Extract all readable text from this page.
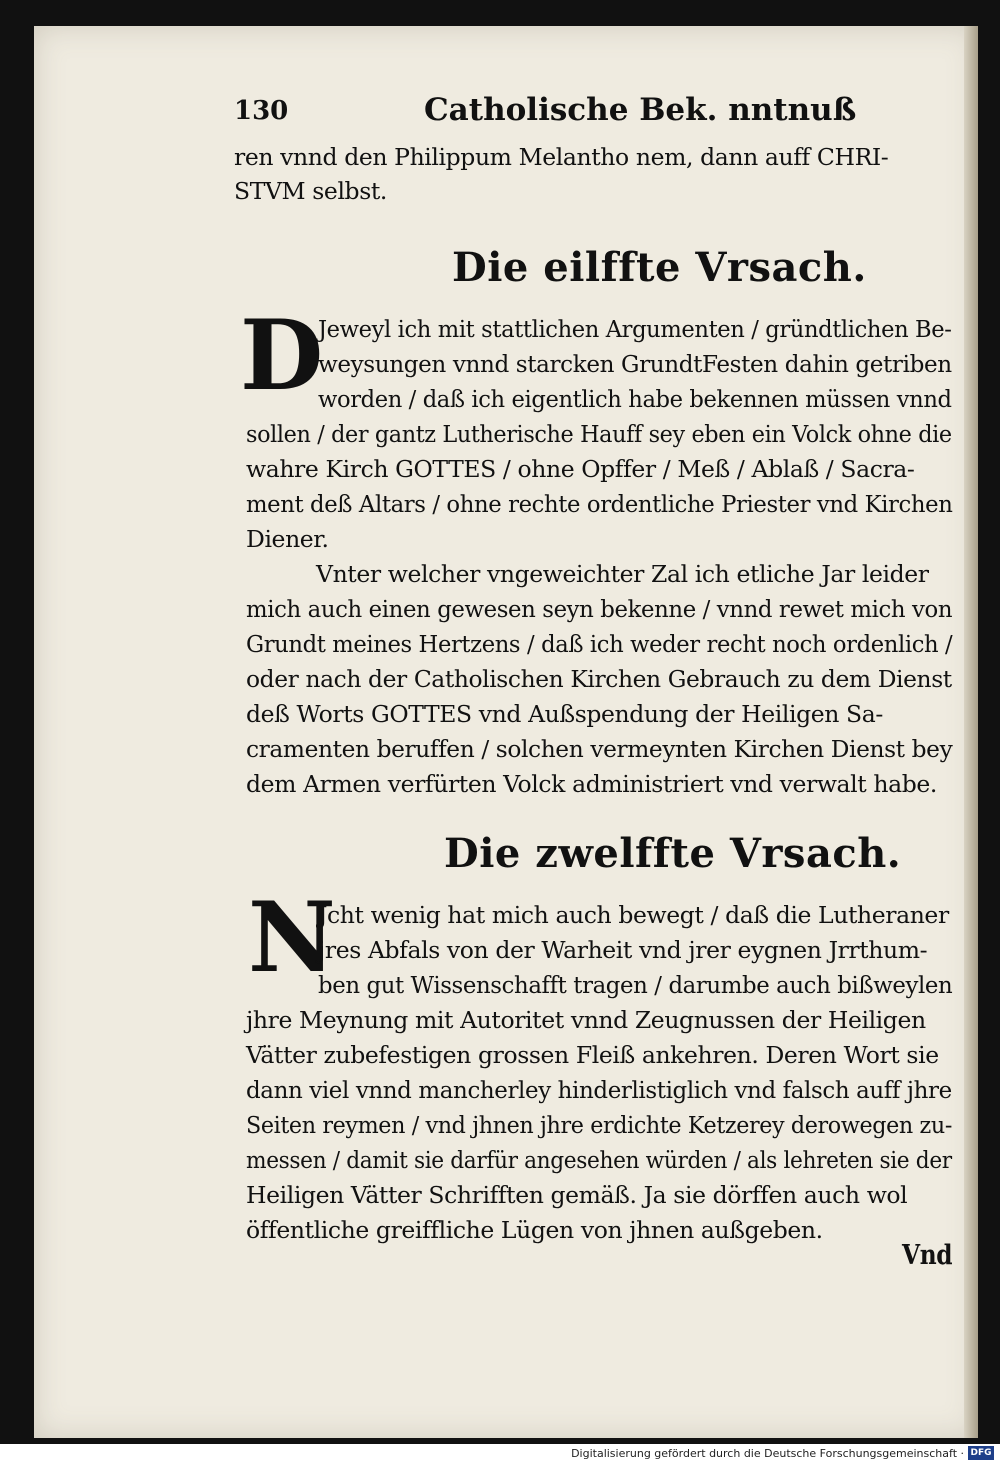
130	Catholische Bek. nntnuß
ren vnnd den Philippum Melantho nem, dann auff CHRI-
STVM selbst.
Die eilffte Vrsach.
D
Jeweyl ich mit stattlichen Argumenten / gründtlichen Be-
weysungen vnnd starcken GrundtFesten dahin getriben
worden / daß ich eigentlich habe bekennen müssen vnnd
sollen / der gantz Lutherische Hauff sey eben ein Volck ohne die
wahre Kirch GOTTES / ohne Opffer / Meß / Ablaß / Sacra-
ment deß Altars / ohne rechte ordentliche Priester vnd Kirchen
Diener.
Vnter welcher vngeweichter Zal ich etliche Jar leider
mich auch einen gewesen seyn bekenne / vnnd rewet mich von
Grundt meines Hertzens / daß ich weder recht noch ordenlich /
oder nach der Catholischen Kirchen Gebrauch zu dem Dienst
deß Worts GOTTES vnd Außspendung der Heiligen Sa-
cramenten beruffen / solchen vermeynten Kirchen Dienst bey
dem Armen verfürten Volck administriert vnd verwalt habe.
Die zwelffte Vrsach.
N
Jcht wenig hat mich auch bewegt / daß die Lutheraner
jres Abfals von der Warheit vnd jrer eygnen Jrrthum-
ben gut Wissenschafft tragen / darumbe auch bißweylen
jhre Meynung mit Autoritet vnnd Zeugnussen der Heiligen
Vätter zubefestigen grossen Fleiß ankehren. Deren Wort sie
dann viel vnnd mancherley hinderlistiglich vnd falsch auff jhre
Seiten reymen / vnd jhnen jhre erdichte Ketzerey derowegen zu-
messen / damit sie darfür angesehen würden / als lehreten sie der
Heiligen Vätter Schrifften gemäß. Ja sie dörffen auch wol
öffentliche greiffliche Lügen von jhnen außgeben.
Vnd
Digitalisierung gefördert durch die Deutsche Forschungsgemeinschaft · DFG
